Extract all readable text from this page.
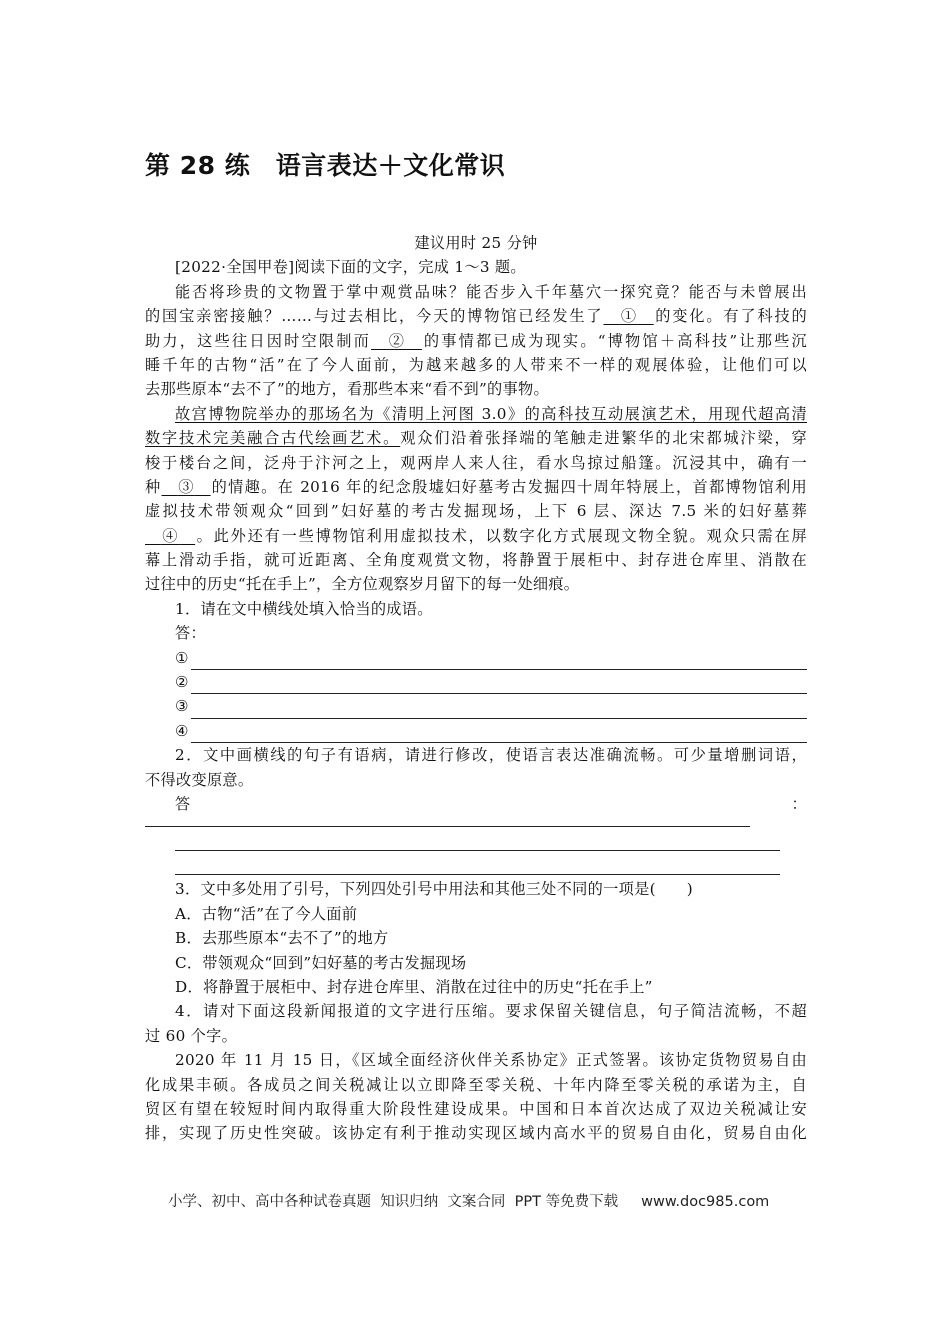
第 28 练　语言表达＋文化常识
建议用时 25 分钟
[2022·全国甲卷]阅读下面的文字，完成 1～3 题。
能否将珍贵的文物置于掌中观赏品味？能否步入千年墓穴一探究竟？能否与未曾展出
的国宝亲密接触？……与过去相比，今天的博物馆已经发生了__①__的变化。有了科技的
助力，这些往日因时空限制而__②__的事情都已成为现实。“博物馆＋高科技”让那些沉
睡千年的古物“活”在了今人面前，为越来越多的人带来不一样的观展体验，让他们可以
去那些原本“去不了”的地方，看那些本来“看不到”的事物。
故宫博物院举办的那场名为《清明上河图 3.0》的高科技互动展演艺术，用现代超高清
数字技术完美融合古代绘画艺术。观众们沿着张择端的笔触走进繁华的北宋都城汴梁，穿
梭于楼台之间，泛舟于汴河之上，观两岸人来人往，看水鸟掠过船篷。沉浸其中，确有一
种__③__的情趣。在 2016 年的纪念殷墟妇好墓考古发掘四十周年特展上，首都博物馆利用
虚拟技术带领观众“回到”妇好墓的考古发掘现场，上下 6 层、深达 7.5 米的妇好墓葬
__④__。此外还有一些博物馆利用虚拟技术，以数字化方式展现文物全貌。观众只需在屏
幕上滑动手指，就可近距离、全角度观赏文物，将静置于展柜中、封存进仓库里、消散在
过往中的历史“托在手上”，全方位观察岁月留下的每一处细痕。
1．请在文中横线处填入恰当的成语。
答：
①
②
③
④
2．文中画横线的句子有语病，请进行修改，使语言表达准确流畅。可少量增删词语，
不得改变原意。
答	：
3．文中多处用了引号，下列四处引号中用法和其他三处不同的一项是(　　)
A．古物“活”在了今人面前
B．去那些原本“去不了”的地方
C．带领观众“回到”妇好墓的考古发掘现场
D．将静置于展柜中、封存进仓库里、消散在过往中的历史“托在手上”
4．请对下面这段新闻报道的文字进行压缩。要求保留关键信息，句子简洁流畅，不超
过 60 个字。
2020 年 11 月 15 日，《区域全面经济伙伴关系协定》正式签署。该协定货物贸易自由
化成果丰硕。各成员之间关税减让以立即降至零关税、十年内降至零关税的承诺为主，自
贸区有望在较短时间内取得重大阶段性建设成果。中国和日本首次达成了双边关税减让安
排，实现了历史性突破。该协定有利于推动实现区域内高水平的贸易自由化，贸易自由化
小学、初中、高中各种试卷真题  知识归纳  文案合同  PPT 等免费下载     www.doc985.com
